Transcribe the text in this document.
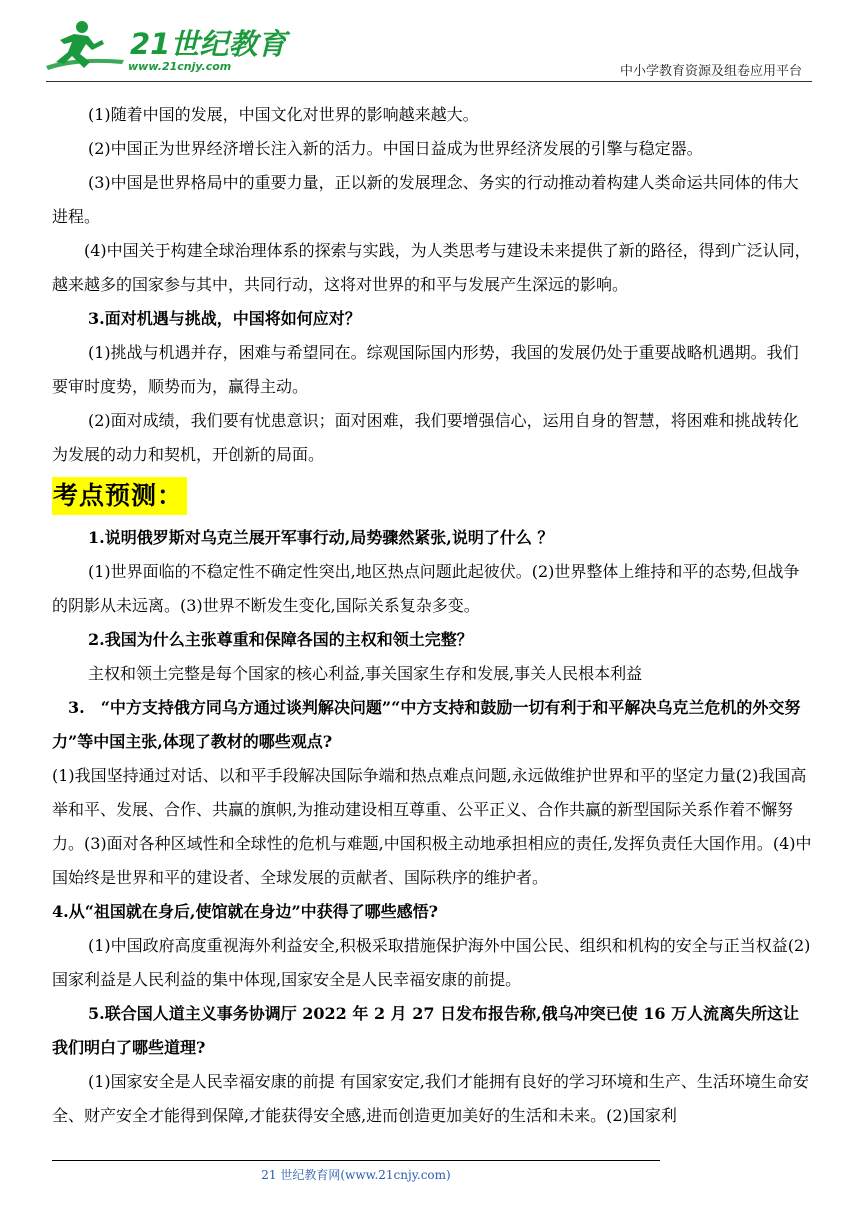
21世纪教育
www.21cnjy.com	中小学教育资源及组卷应用平台

(1)随着中国的发展，中国文化对世界的影响越来越大。

(2)中国正为世界经济增长注入新的活力。中国日益成为世界经济发展的引擎与稳定器。

(3)中国是世界格局中的重要力量，正以新的发展理念、务实的行动推动着构建人类命运共同体的伟大进程。

(4)中国关于构建全球治理体系的探索与实践，为人类思考与建设未来提供了新的路径，得到广泛认同，越来越多的国家参与其中，共同行动，这将对世界的和平与发展产生深远的影响。

3.面对机遇与挑战，中国将如何应对？

(1)挑战与机遇并存，困难与希望同在。综观国际国内形势，我国的发展仍处于重要战略机遇期。我们要审时度势，顺势而为，赢得主动。

(2)面对成绩，我们要有忧患意识；面对困难，我们要增强信心，运用自身的智慧，将困难和挑战转化为发展的动力和契机，开创新的局面。

考点预测：

1.说明俄罗斯对乌克兰展开军事行动,局势骤然紧张,说明了什么 ？

(1)世界面临的不稳定性不确定性突出,地区热点问题此起彼伏。(2)世界整体上维持和平的态势,但战争的阴影从未远离。(3)世界不断发生变化,国际关系复杂多变。

2.我国为什么主张尊重和保障各国的主权和领土完整？

主权和领土完整是每个国家的核心利益,事关国家生存和发展,事关人民根本利益

3.　“中方支持俄方同乌方通过谈判解决问题”“中方支持和鼓励一切有利于和平解决乌克兰危机的外交努力”等中国主张,体现了教材的哪些观点?

(1)我国坚持通过对话、以和平手段解决国际争端和热点难点问题,永远做维护世界和平的坚定力量(2)我国高举和平、发展、合作、共赢的旗帜,为推动建设相互尊重、公平正义、合作共赢的新型国际关系作着不懈努力。(3)面对各种区域性和全球性的危机与难题,中国积极主动地承担相应的责任,发挥负责任大国作用。(4)中国始终是世界和平的建设者、全球发展的贡献者、国际秩序的维护者。

4.从“祖国就在身后,使馆就在身边”中获得了哪些感悟?

(1)中国政府高度重视海外利益安全,积极采取措施保护海外中国公民、组织和机构的安全与正当权益(2)国家利益是人民利益的集中体现,国家安全是人民幸福安康的前提。

5.联合国人道主义事务协调厅 2022 年 2 月 27 日发布报告称,俄乌冲突已使 16 万人流离失所这让我们明白了哪些道理?

(1)国家安全是人民幸福安康的前提 有国家安定,我们才能拥有良好的学习环境和生产、生活环境生命安全、财产安全才能得到保障,才能获得安全感,进而创造更加美好的生活和未来。(2)国家利

21 世纪教育网(www.21cnjy.com)
